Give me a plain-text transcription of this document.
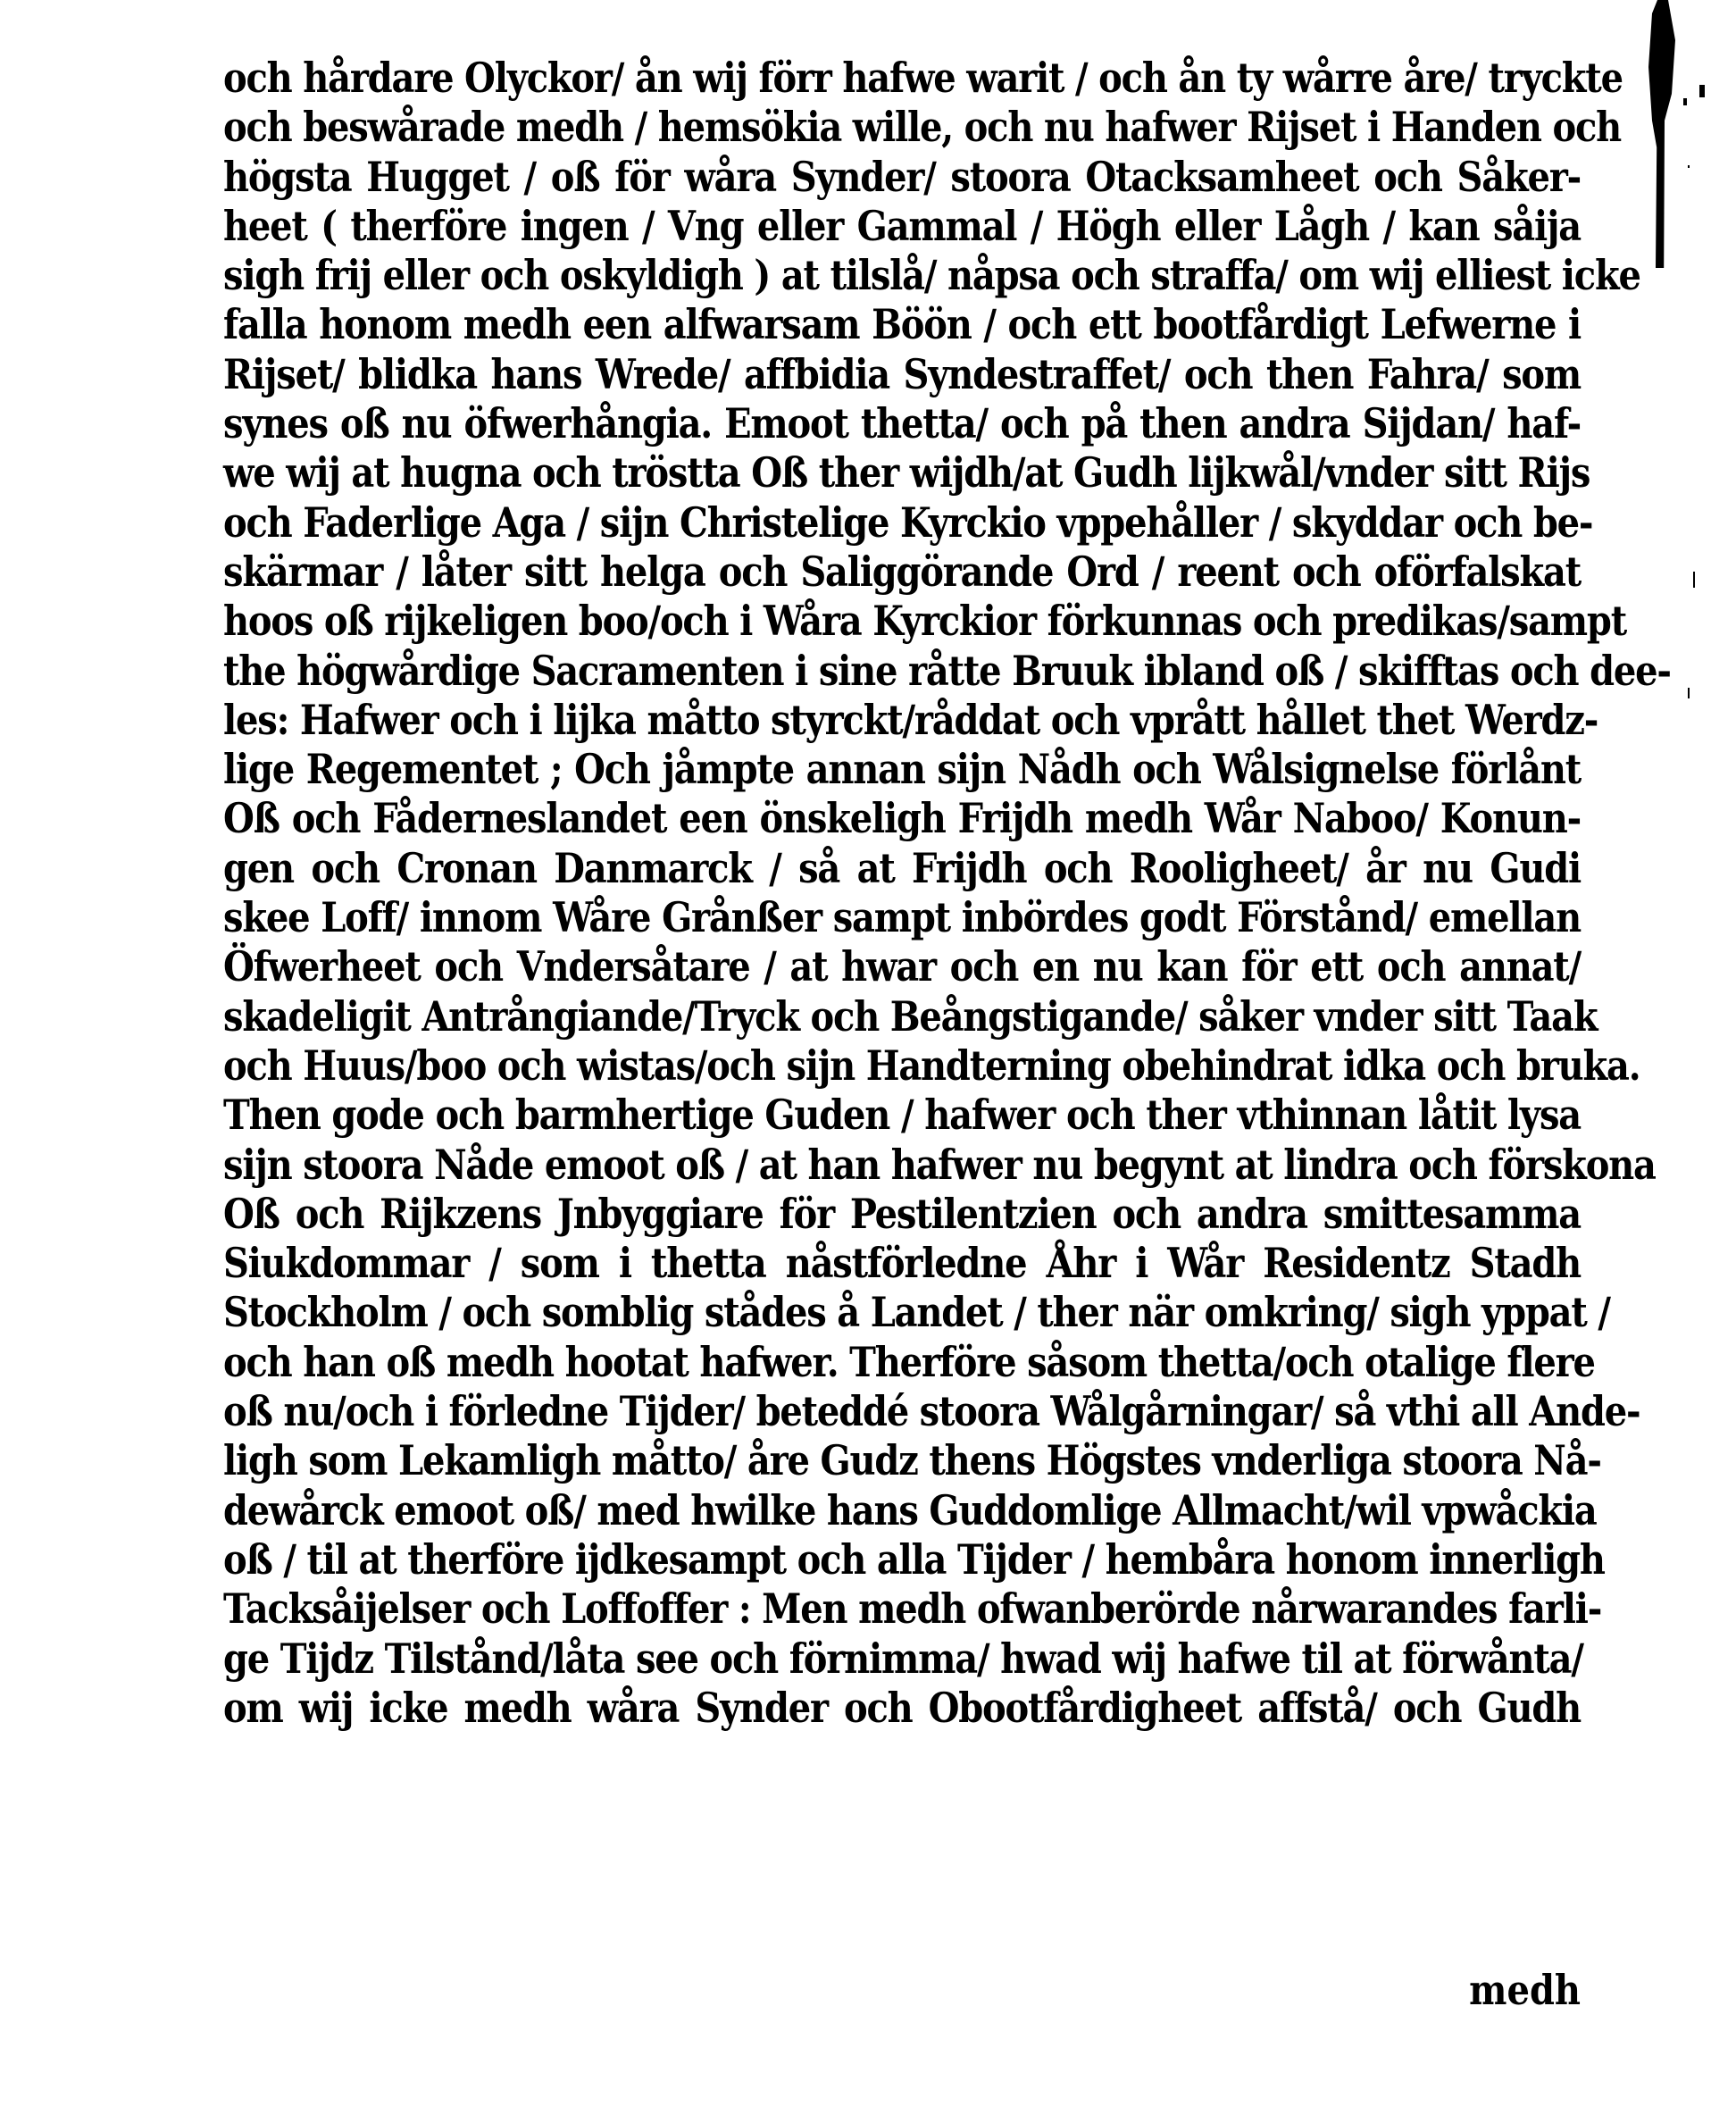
och hårdare Olyckor/ ån wij förr hafwe warit / och ån ty wårre åre/ tryckte
och beswårade medh / hemsökia wille, och nu hafwer Rijset i Handen och
högsta Hugget / oß för wåra Synder/ stoora Otacksamheet och Såker-
heet ( therföre ingen / Vng eller Gammal / Högh eller Lågh / kan såija
sigh frij eller och oskyldigh ) at tilslå/ nåpsa och straffa/ om wij elliest icke
falla honom medh een alfwarsam Böön / och ett bootfårdigt Lefwerne i
Rijset/ blidka hans Wrede/ affbidia Syndestraffet/ och then Fahra/ som
synes oß nu öfwerhångia. Emoot thetta/ och på then andra Sijdan/ haf-
we wij at hugna och tröstta Oß ther wijdh/at Gudh lijkwål/vnder sitt Rijs
och Faderlige Aga / sijn Christelige Kyrckio vppehåller / skyddar och be-
skärmar / låter sitt helga och Saliggörande Ord / reent och oförfalskat
hoos oß rijkeligen boo/och i Wåra Kyrckior förkunnas och predikas/sampt
the högwårdige Sacramenten i sine råtte Bruuk ibland oß / skifftas och dee-
les: Hafwer och i lijka måtto styrckt/råddat och vprått hållet thet Werdz-
lige Regementet ; Och jåmpte annan sijn Nådh och Wålsignelse förlånt
Oß och Fåderneslandet een önskeligh Frijdh medh Wår Naboo/ Konun-
gen och Cronan Danmarck / så at Frijdh och Rooligheet/ år nu Gudi
skee Loff/ innom Wåre Grånßer sampt inbördes godt Förstånd/ emellan
Öfwerheet och Vndersåtare / at hwar och en nu kan för ett och annat/
skadeligit Antrångiande/Tryck och Beångstigande/ såker vnder sitt Taak
och Huus/boo och wistas/och sijn Handterning obehindrat idka och bruka.
Then gode och barmhertige Guden / hafwer och ther vthinnan låtit lysa
sijn stoora Nåde emoot oß / at han hafwer nu begynt at lindra och förskona
Oß och Rijkzens Jnbyggiare för Pestilentzien och andra smittesamma
Siukdommar / som i thetta nåstförledne Åhr i Wår Residentz Stadh
Stockholm / och somblig stådes å Landet / ther när omkring/ sigh yppat /
och han oß medh hootat hafwer. Therföre såsom thetta/och otalige flere
oß nu/och i förledne Tijder/ beteddé stoora Wålgårningar/ så vthi all Ande-
ligh som Lekamligh måtto/ åre Gudz thens Högstes vnderliga stoora Nå-
dewårck emoot oß/ med hwilke hans Guddomlige Allmacht/wil vpwåckia
oß / til at therföre ijdkesampt och alla Tijder / hembåra honom innerligh
Tacksåijelser och Loffoffer : Men medh ofwanberörde nårwarandes farli-
ge Tijdz Tilstånd/låta see och förnimma/ hwad wij hafwe til at förwånta/
om wij icke medh wåra Synder och Obootfårdigheet affstå/ och Gudh
medh
